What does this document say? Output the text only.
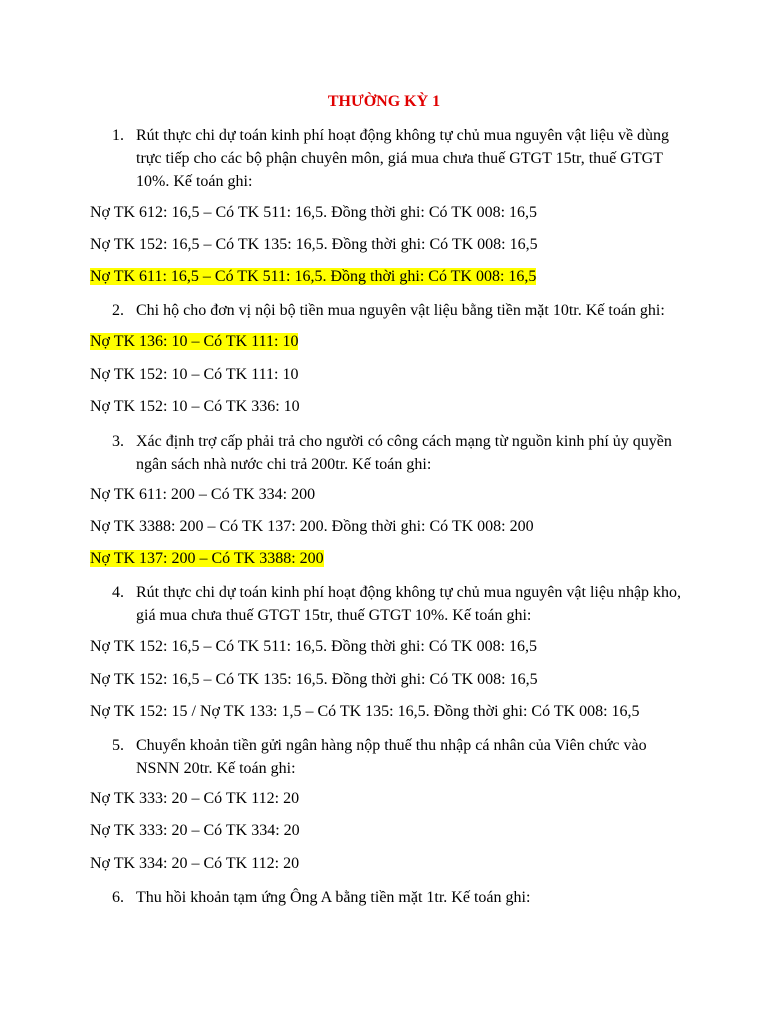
THƯỜNG KỲ 1
1. Rút thực chi dự toán kinh phí hoạt động không tự chủ mua nguyên vật liệu về dùng trực tiếp cho các bộ phận chuyên môn, giá mua chưa thuế GTGT 15tr, thuế GTGT 10%. Kế toán ghi:
Nợ TK 612: 16,5 – Có TK 511: 16,5. Đồng thời ghi: Có TK 008: 16,5
Nợ TK 152: 16,5 – Có TK 135: 16,5. Đồng thời ghi: Có TK 008: 16,5
Nợ TK 611: 16,5 – Có TK 511: 16,5. Đồng thời ghi: Có TK 008: 16,5
2. Chi hộ cho đơn vị nội bộ tiền mua nguyên vật liệu bằng tiền mặt 10tr. Kế toán ghi:
Nợ TK 136: 10 – Có TK 111: 10
Nợ TK 152: 10 – Có TK 111: 10
Nợ TK 152: 10 – Có TK 336: 10
3. Xác định trợ cấp phải trả cho người có công cách mạng từ nguồn kinh phí ủy quyền ngân sách nhà nước chi trả 200tr. Kế toán ghi:
Nợ TK 611: 200 – Có TK 334: 200
Nợ TK 3388: 200 – Có TK 137: 200. Đồng thời ghi: Có TK 008: 200
Nợ TK 137: 200 – Có TK 3388: 200
4. Rút thực chi dự toán kinh phí hoạt động không tự chủ mua nguyên vật liệu nhập kho, giá mua chưa thuế GTGT 15tr, thuế GTGT 10%. Kế toán ghi:
Nợ TK 152: 16,5 – Có TK 511: 16,5. Đồng thời ghi: Có TK 008: 16,5
Nợ TK 152: 16,5 – Có TK 135: 16,5. Đồng thời ghi: Có TK 008: 16,5
Nợ TK 152: 15 / Nợ TK 133: 1,5 – Có TK 135: 16,5. Đồng thời ghi: Có TK 008: 16,5
5. Chuyển khoản tiền gửi ngân hàng nộp thuế thu nhập cá nhân của Viên chức vào NSNN 20tr. Kế toán ghi:
Nợ TK 333: 20 – Có TK 112: 20
Nợ TK 333: 20 – Có TK 334: 20
Nợ TK 334: 20 – Có TK 112: 20
6. Thu hồi khoản tạm ứng Ông A bằng tiền mặt 1tr. Kế toán ghi:
